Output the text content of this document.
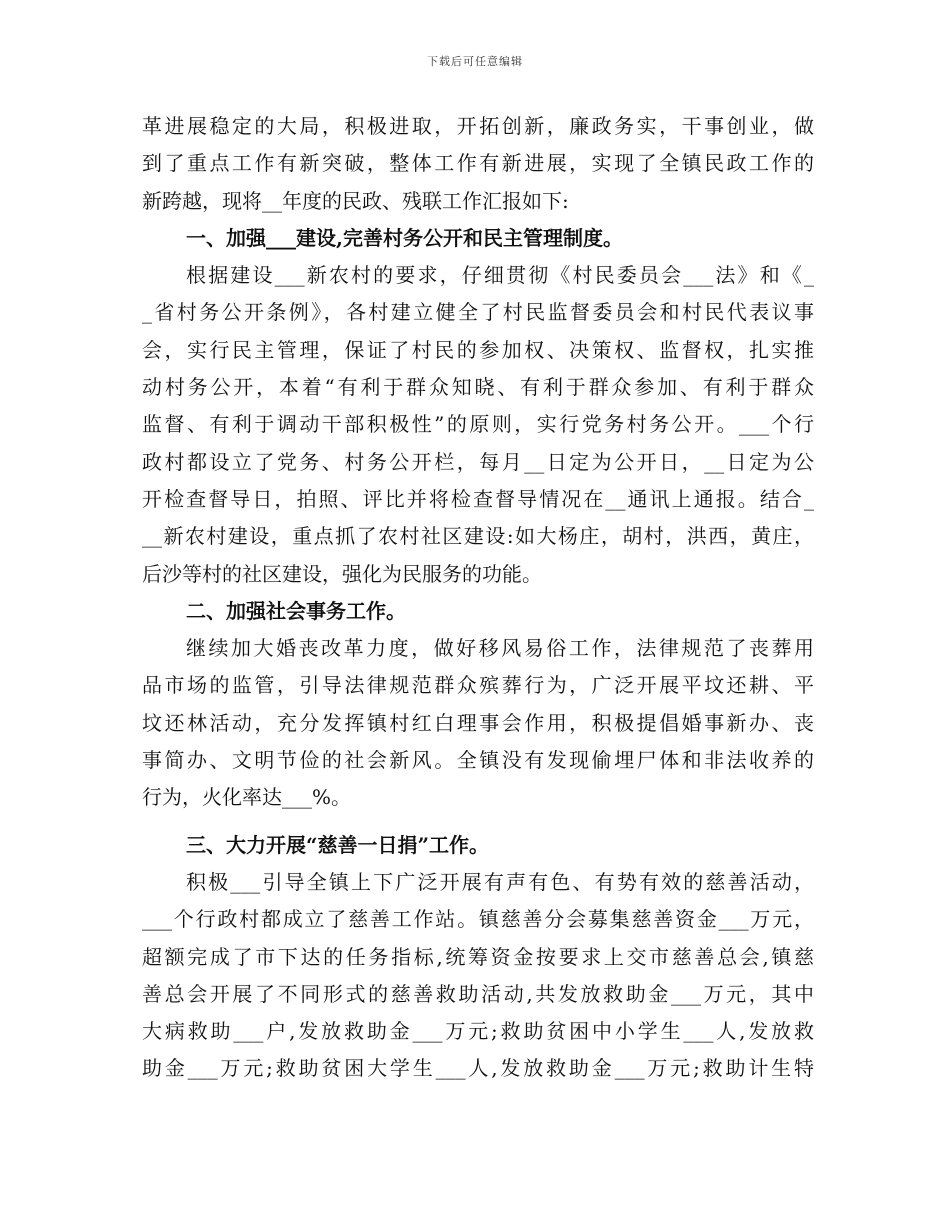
下载后可任意编辑

革进展稳定的大局，积极进取，开拓创新，廉政务实，干事创业，做
到了重点工作有新突破，整体工作有新进展，实现了全镇民政工作的
新跨越，现将__年度的民政、残联工作汇报如下:

一、加强___建设,完善村务公开和民主管理制度。

根据建设___新农村的要求，仔细贯彻《村民委员会___法》和《_
_省村务公开条例》，各村建立健全了村民监督委员会和村民代表议事
会，实行民主管理，保证了村民的参加权、决策权、监督权，扎实推
动村务公开，本着“有利于群众知晓、有利于群众参加、有利于群众
监督、有利于调动干部积极性”的原则，实行党务村务公开。___个行
政村都设立了党务、村务公开栏，每月__日定为公开日，__日定为公
开检查督导日，拍照、评比并将检查督导情况在__通讯上通报。结合_
__新农村建设，重点抓了农村社区建设:如大杨庄，胡村，洪西，黄庄，
后沙等村的社区建设，强化为民服务的功能。

二、加强社会事务工作。

继续加大婚丧改革力度，做好移风易俗工作，法律规范了丧葬用
品市场的监管，引导法律规范群众殡葬行为，广泛开展平坟还耕、平
坟还林活动，充分发挥镇村红白理事会作用，积极提倡婚事新办、丧
事简办、文明节俭的社会新风。全镇没有发现偷埋尸体和非法收养的
行为，火化率达___%。

三、大力开展“慈善一日捐”工作。

积极___引导全镇上下广泛开展有声有色、有势有效的慈善活动，
___个行政村都成立了慈善工作站。镇慈善分会募集慈善资金___万元，
超额完成了市下达的任务指标,统筹资金按要求上交市慈善总会,镇慈
善总会开展了不同形式的慈善救助活动,共发放救助金___万元，其中
大病救助___户,发放救助金___万元;救助贫困中小学生___人,发放救
助金___万元;救助贫困大学生___人,发放救助金___万元;救助计生特
